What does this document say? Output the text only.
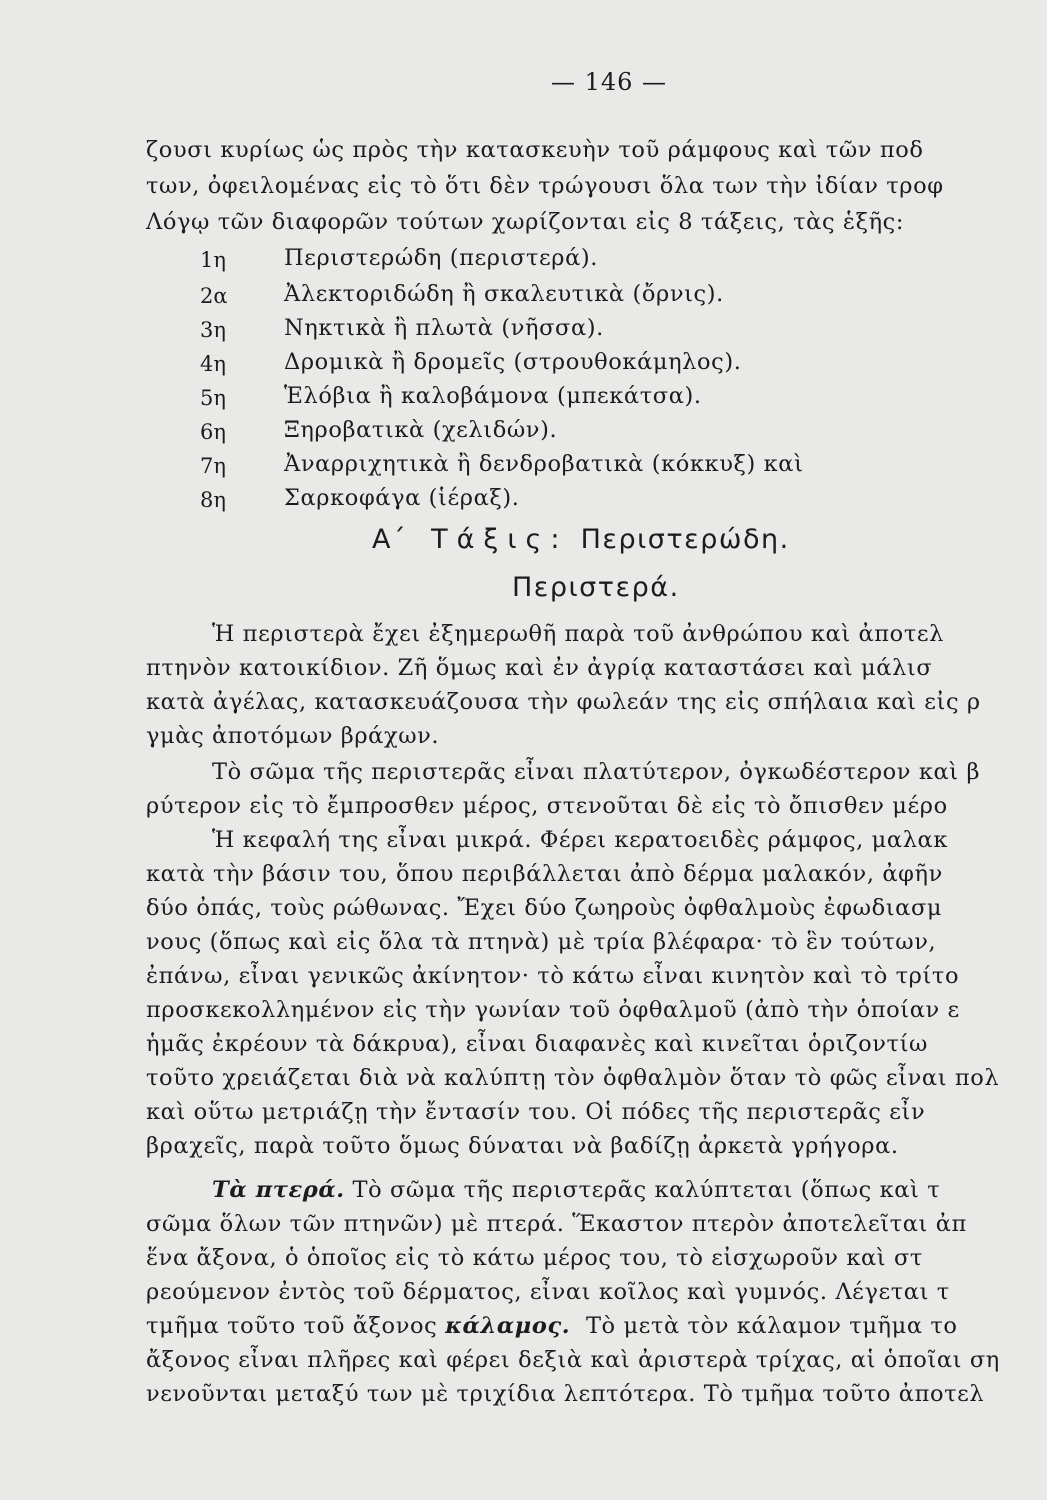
— 146 —
ζουσι κυρίως ὡς πρὸς τὴν κατασκευὴν τοῦ ράμφους καὶ τῶν ποδ
των, ὀφειλομένας εἰς τὸ ὅτι δὲν τρώγουσι ὅλα των τὴν ἰδίαν τροφ
Λόγῳ τῶν διαφορῶν τούτων χωρίζονται εἰς 8 τάξεις, τὰς ἑξῆς:
1η	Περιστερώδη (περιστερά).
2α	Ἀλεκτοριδώδη ἢ σκαλευτικὰ (ὄρνις).
3η	Νηκτικὰ ἢ πλωτὰ (νῆσσα).
4η	Δρομικὰ ἢ δρομεῖς (στρουθοκάμηλος).
5η	Ἑλόβια ἢ καλοβάμονα (μπεκάτσα).
6η	Ξηροβατικὰ (χελιδών).
7η	Ἀναρριχητικὰ ἢ δενδροβατικὰ (κόκκυξ) καὶ
8η	Σαρκοφάγα (ἱέραξ).
Α΄ Τάξις: Περιστερώδη.
Περιστερά.
Ἡ περιστερὰ ἔχει ἐξημερωθῆ παρὰ τοῦ ἀνθρώπου καὶ ἀποτελ
πτηνὸν κατοικίδιον. Ζῆ ὅμως καὶ ἐν ἀγρίᾳ καταστάσει καὶ μάλισ
κατὰ ἀγέλας, κατασκευάζουσα τὴν φωλεάν της εἰς σπήλαια καὶ εἰς ρ
γμὰς ἀποτόμων βράχων.
Τὸ σῶμα τῆς περιστερᾶς εἶναι πλατύτερον, ὀγκωδέστερον καὶ β
ρύτερον εἰς τὸ ἔμπροσθεν μέρος, στενοῦται δὲ εἰς τὸ ὄπισθεν μέρο
Ἡ κεφαλή της εἶναι μικρά. Φέρει κερατοειδὲς ράμφος, μαλακ
κατὰ τὴν βάσιν του, ὅπου περιβάλλεται ἀπὸ δέρμα μαλακόν, ἀφῆν
δύο ὀπάς, τοὺς ρώθωνας. Ἔχει δύο ζωηροὺς ὀφθαλμοὺς ἐφωδιασμ
νους (ὅπως καὶ εἰς ὅλα τὰ πτηνὰ) μὲ τρία βλέφαρα· τὸ ἓν τούτων,
ἐπάνω, εἶναι γενικῶς ἀκίνητον· τὸ κάτω εἶναι κινητὸν καὶ τὸ τρίτο
προσκεκολλημένον εἰς τὴν γωνίαν τοῦ ὀφθαλμοῦ (ἀπὸ τὴν ὁποίαν ε
ἡμᾶς ἐκρέουν τὰ δάκρυα), εἶναι διαφανὲς καὶ κινεῖται ὁριζοντίω
τοῦτο χρειάζεται διὰ νὰ καλύπτῃ τὸν ὀφθαλμὸν ὅταν τὸ φῶς εἶναι πολ
καὶ οὕτω μετριάζῃ τὴν ἔντασίν του. Οἱ πόδες τῆς περιστερᾶς εἶν
βραχεῖς, παρὰ τοῦτο ὅμως δύναται νὰ βαδίζῃ ἀρκετὰ γρήγορα.
Τὰ πτερά. Τὸ σῶμα τῆς περιστερᾶς καλύπτεται (ὅπως καὶ τ
σῶμα ὅλων τῶν πτηνῶν) μὲ πτερά. Ἕκαστον πτερὸν ἀποτελεῖται ἀπ
ἕνα ἄξονα, ὁ ὁποῖος εἰς τὸ κάτω μέρος του, τὸ εἰσχωροῦν καὶ στ
ρεούμενον ἐντὸς τοῦ δέρματος, εἶναι κοῖλος καὶ γυμνός. Λέγεται τ
τμῆμα τοῦτο τοῦ ἄξονος κάλαμος. Τὸ μετὰ τὸν κάλαμον τμῆμα το
ἄξονος εἶναι πλῆρες καὶ φέρει δεξιὰ καὶ ἀριστερὰ τρίχας, αἱ ὁποῖαι ση
νενοῦνται μεταξύ των μὲ τριχίδια λεπτότερα. Τὸ τμῆμα τοῦτο ἀποτελ
